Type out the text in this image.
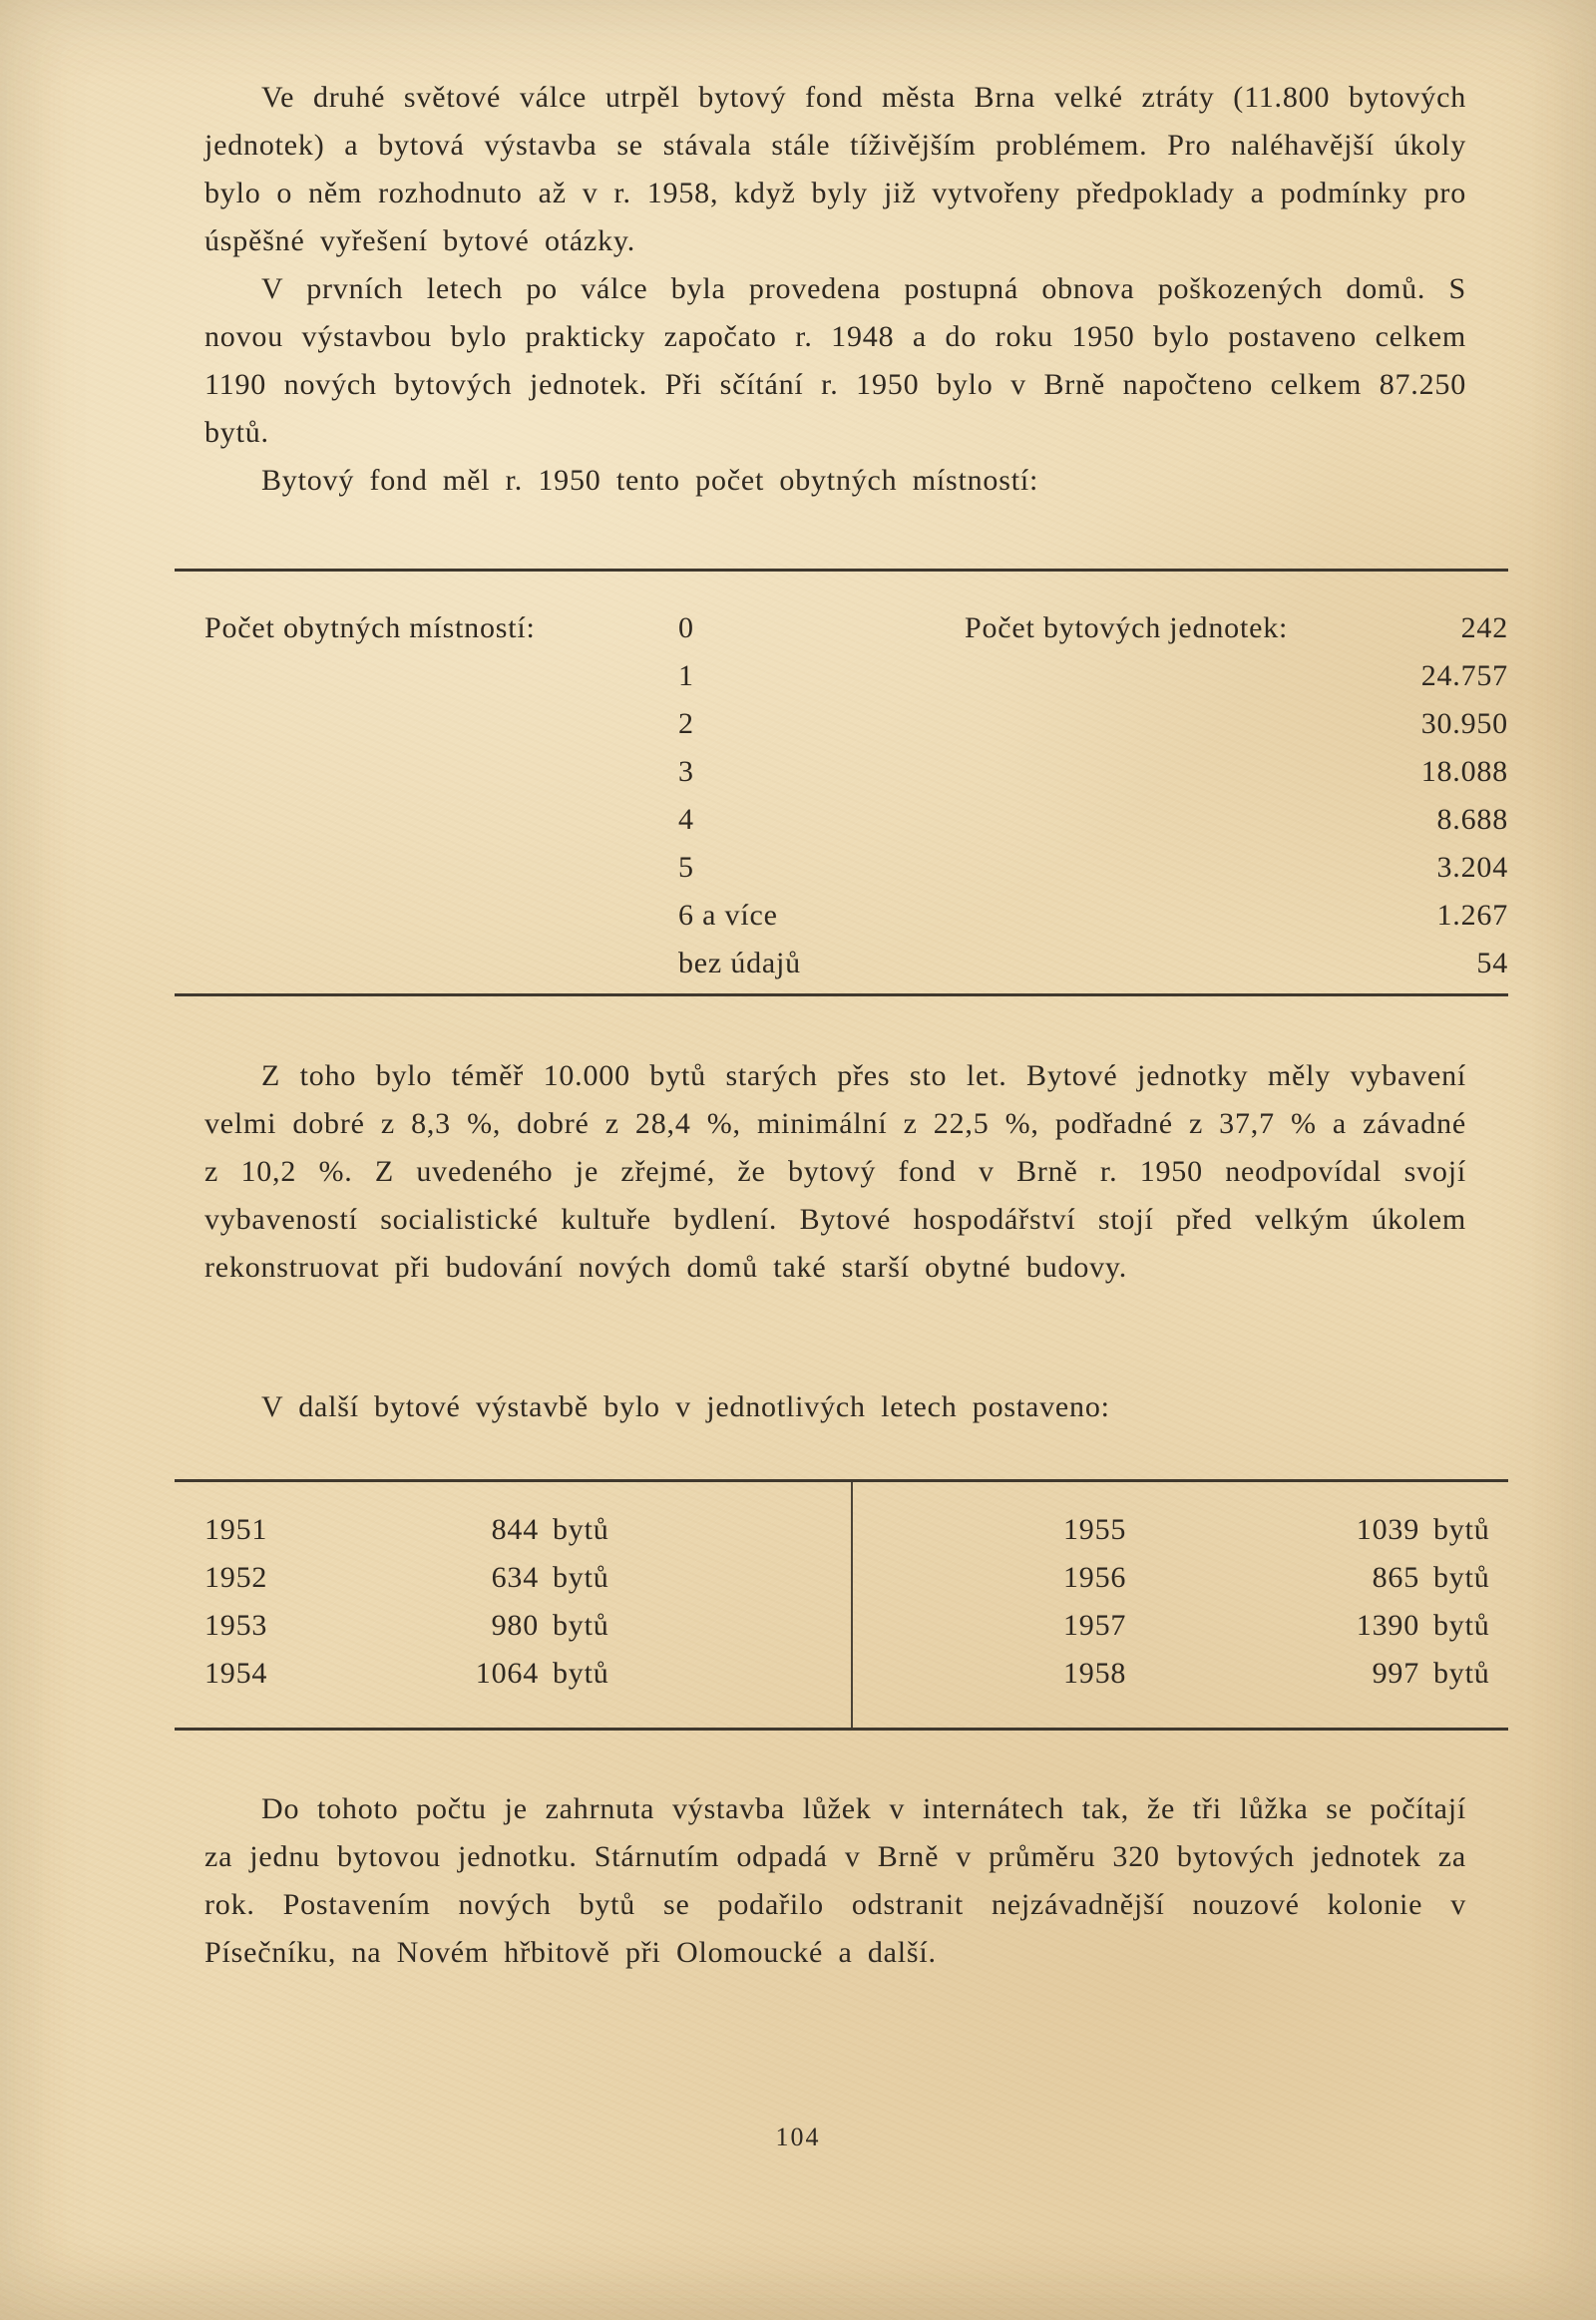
Ve druhé světové válce utrpěl bytový fond města Brna velké ztráty (11.800 bytových jednotek) a bytová výstavba se stávala stále tíživějším problémem. Pro naléhavější úkoly bylo o něm rozhodnuto až v r. 1958, když byly již vytvořeny předpoklady a podmínky pro úspěšné vyřešení bytové otázky.

V prvních letech po válce byla provedena postupná obnova poškozených domů. S novou výstavbou bylo prakticky započato r. 1948 a do roku 1950 bylo postaveno celkem 1190 nových bytových jednotek. Při sčítání r. 1950 bylo v Brně napočteno celkem 87.250 bytů.

Bytový fond měl r. 1950 tento počet obytných místností:

Počet obytných místností:	0	Počet bytových jednotek:	242
1	24.757
2	30.950
3	18.088
4	8.688
5	3.204
6 a více	1.267
bez údajů	54

Z toho bylo téměř 10.000 bytů starých přes sto let. Bytové jednotky měly vybavení velmi dobré z 8,3 %, dobré z 28,4 %, minimální z 22,5 %, podřadné z 37,7 % a závadné z 10,2 %. Z uvedeného je zřejmé, že bytový fond v Brně r. 1950 neodpovídal svojí vybaveností socialistické kultuře bydlení. Bytové hospodářství stojí před velkým úkolem rekonstruovat při budování nových domů také starší obytné budovy.

V další bytové výstavbě bylo v jednotlivých letech postaveno:

1951	844 bytů
1952	634 bytů
1953	980 bytů
1954	1064 bytů
1955	1039 bytů
1956	865 bytů
1957	1390 bytů
1958	997 bytů

Do tohoto počtu je zahrnuta výstavba lůžek v internátech tak, že tři lůžka se počítají za jednu bytovou jednotku. Stárnutím odpadá v Brně v průměru 320 bytových jednotek za rok. Postavením nových bytů se podařilo odstranit nejzávadnější nouzové kolonie v Písečníku, na Novém hřbitově při Olomoucké a další.

104
